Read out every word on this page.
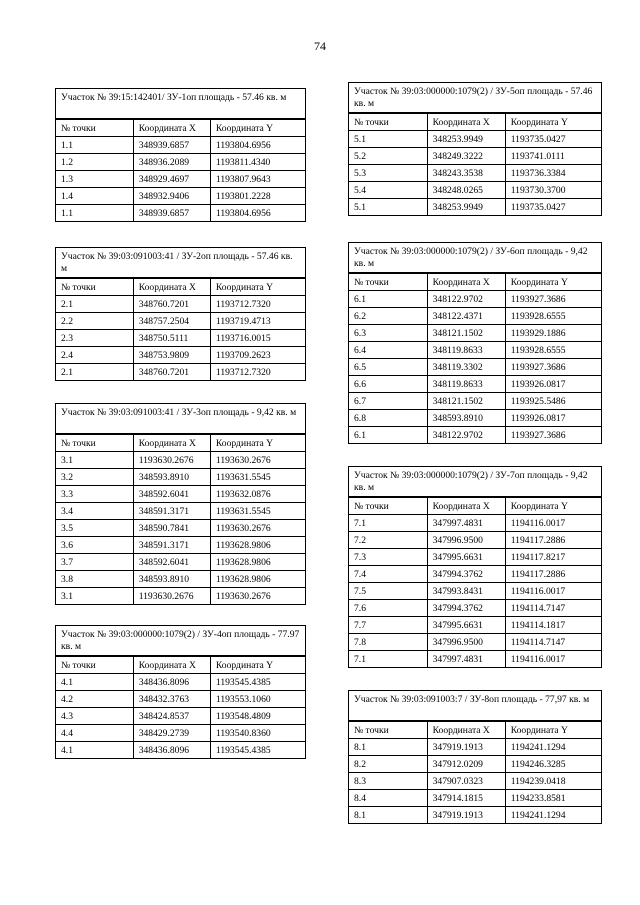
74
Участок № 39:15:142401/ ЗУ-1оп площадь - 57.46 кв. м
№ точки	Координата X	Координата Y
1.1	348939.6857	1193804.6956
1.2	348936.2089	1193811.4340
1.3	348929.4697	1193807.9643
1.4	348932.9406	1193801.2228
1.1	348939.6857	1193804.6956
Участок № 39:03:091003:41 / ЗУ-2оп площадь - 57.46 кв. м
№ точки	Координата X	Координата Y
2.1	348760.7201	1193712.7320
2.2	348757.2504	1193719.4713
2.3	348750.5111	1193716.0015
2.4	348753.9809	1193709.2623
2.1	348760.7201	1193712.7320
Участок № 39:03:091003:41 / ЗУ-3оп площадь - 9,42 кв. м
№ точки	Координата X	Координата Y
3.1	1193630.2676	1193630.2676
3.2	348593.8910	1193631.5545
3.3	348592.6041	1193632.0876
3.4	348591.3171	1193631.5545
3.5	348590.7841	1193630.2676
3.6	348591.3171	1193628.9806
3.7	348592.6041	1193628.9806
3.8	348593.8910	1193628.9806
3.1	1193630.2676	1193630.2676
Участок № 39:03:000000:1079(2) / ЗУ-4оп площадь - 77.97 кв. м
№ точки	Координата X	Координата Y
4.1	348436.8096	1193545.4385
4.2	348432.3763	1193553.1060
4.3	348424.8537	1193548.4809
4.4	348429.2739	1193540.8360
4.1	348436.8096	1193545.4385
Участок № 39:03:000000:1079(2) / ЗУ-5оп площадь - 57.46 кв. м
№ точки	Координата X	Координата Y
5.1	348253.9949	1193735.0427
5.2	348249.3222	1193741.0111
5.3	348243.3538	1193736.3384
5.4	348248.0265	1193730.3700
5.1	348253.9949	1193735.0427
Участок № 39:03:000000:1079(2) / ЗУ-6оп площадь - 9,42 кв. м
№ точки	Координата X	Координата Y
6.1	348122.9702	1193927.3686
6.2	348122.4371	1193928.6555
6.3	348121.1502	1193929.1886
6.4	348119.8633	1193928.6555
6.5	348119.3302	1193927.3686
6.6	348119.8633	1193926.0817
6.7	348121.1502	1193925.5486
6.8	348593.8910	1193926.0817
6.1	348122.9702	1193927.3686
Участок № 39:03:000000:1079(2) / ЗУ-7оп площадь - 9,42 кв. м
№ точки	Координата X	Координата Y
7.1	347997.4831	1194116.0017
7.2	347996.9500	1194117.2886
7.3	347995.6631	1194117.8217
7.4	347994.3762	1194117.2886
7.5	347993.8431	1194116.0017
7.6	347994.3762	1194114.7147
7.7	347995.6631	1194114.1817
7.8	347996.9500	1194114.7147
7.1	347997.4831	1194116.0017
Участок № 39:03:091003:7 / ЗУ-8оп площадь - 77,97 кв. м
№ точки	Координата X	Координата Y
8.1	347919.1913	1194241.1294
8.2	347912.0209	1194246.3285
8.3	347907.0323	1194239.0418
8.4	347914.1815	1194233.8581
8.1	347919.1913	1194241.1294
